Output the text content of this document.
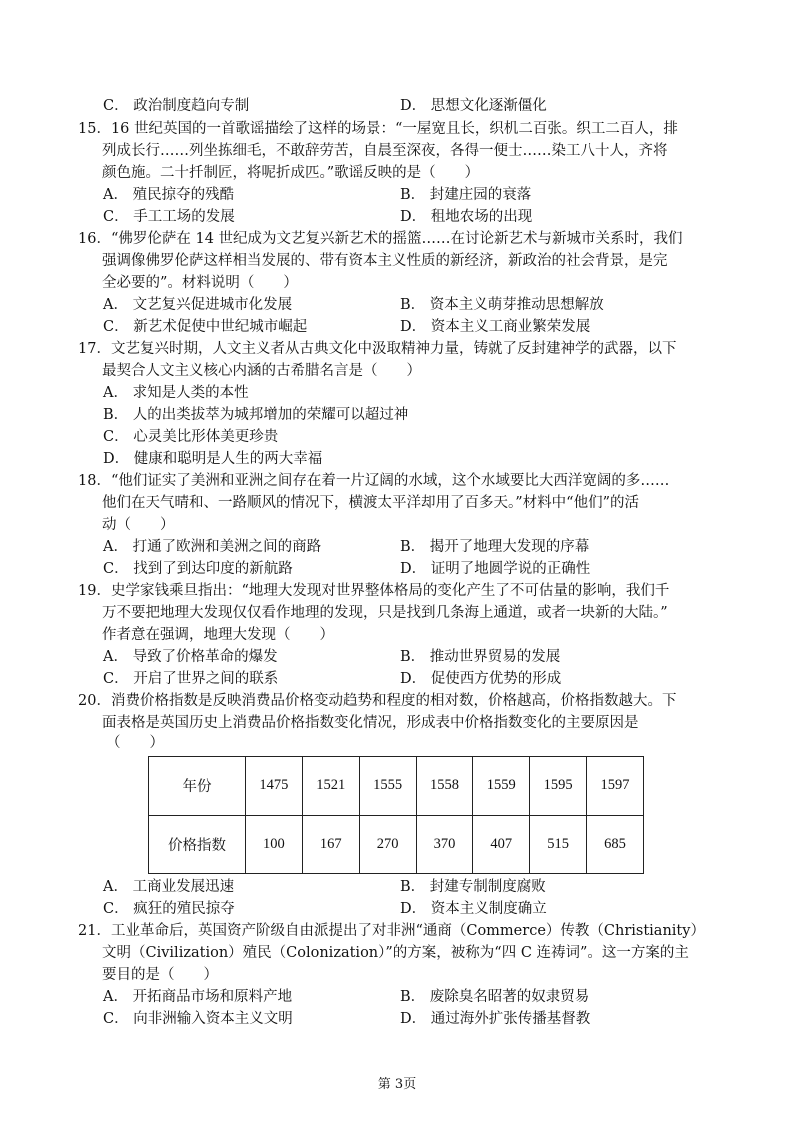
C． 政治制度趋向专制	D． 思想文化逐渐僵化
15．16 世纪英国的一首歌谣描绘了这样的场景：“一屋宽且长，织机二百张。织工二百人，排
列成长行……列坐拣细毛，不敢辞劳苦，自晨至深夜，各得一便士……染工八十人，齐将
颜色施。二十扦制匠，将呢折成匹。”歌谣反映的是（　　）
A． 殖民掠夺的残酷	B． 封建庄园的衰落
C． 手工工场的发展	D． 租地农场的出现
16．“佛罗伦萨在 14 世纪成为文艺复兴新艺术的摇篮……在讨论新艺术与新城市关系时，我们
强调像佛罗伦萨这样相当发展的、带有资本主义性质的新经济，新政治的社会背景，是完
全必要的”。材料说明（　　）
A． 文艺复兴促进城市化发展	B． 资本主义萌芽推动思想解放
C． 新艺术促使中世纪城市崛起	D． 资本主义工商业繁荣发展
17．文艺复兴时期，人文主义者从古典文化中汲取精神力量，铸就了反封建神学的武器，以下
最契合人文主义核心内涵的古希腊名言是（　　）
A． 求知是人类的本性
B． 人的出类拔萃为城邦增加的荣耀可以超过神
C． 心灵美比形体美更珍贵
D． 健康和聪明是人生的两大幸福
18．“他们证实了美洲和亚洲之间存在着一片辽阔的水域，这个水域要比大西洋宽阔的多……
他们在天气晴和、一路顺风的情况下，横渡太平洋却用了百多天。”材料中“他们”的活
动（　　）
A． 打通了欧洲和美洲之间的商路	B． 揭开了地理大发现的序幕
C． 找到了到达印度的新航路	D． 证明了地圆学说的正确性
19．史学家钱乘旦指出：“地理大发现对世界整体格局的变化产生了不可估量的影响，我们千
万不要把地理大发现仅仅看作地理的发现，只是找到几条海上通道，或者一块新的大陆。”
作者意在强调，地理大发现（　　）
A． 导致了价格革命的爆发	B． 推动世界贸易的发展
C． 开启了世界之间的联系	D． 促使西方优势的形成
20．消费价格指数是反映消费品价格变动趋势和程度的相对数，价格越高，价格指数越大。下
面表格是英国历史上消费品价格指数变化情况，形成表中价格指数变化的主要原因是
年份	1475	1521	1555	1558	1559	1595	1597
价格指数	100	167	270	370	407	515	685
（　　）
A． 工商业发展迅速	B． 封建专制制度腐败
C． 疯狂的殖民掠夺	D． 资本主义制度确立
21．工业革命后，英国资产阶级自由派提出了对非洲“通商（Commerce）传教（Christianity）
文明（Civilization）殖民（Colonization）”的方案，被称为“四 C 连祷词”。这一方案的主
要目的是（　　）
A． 开拓商品市场和原料产地	B． 废除臭名昭著的奴隶贸易
C． 向非洲输入资本主义文明	D． 通过海外扩张传播基督教
第 3页
